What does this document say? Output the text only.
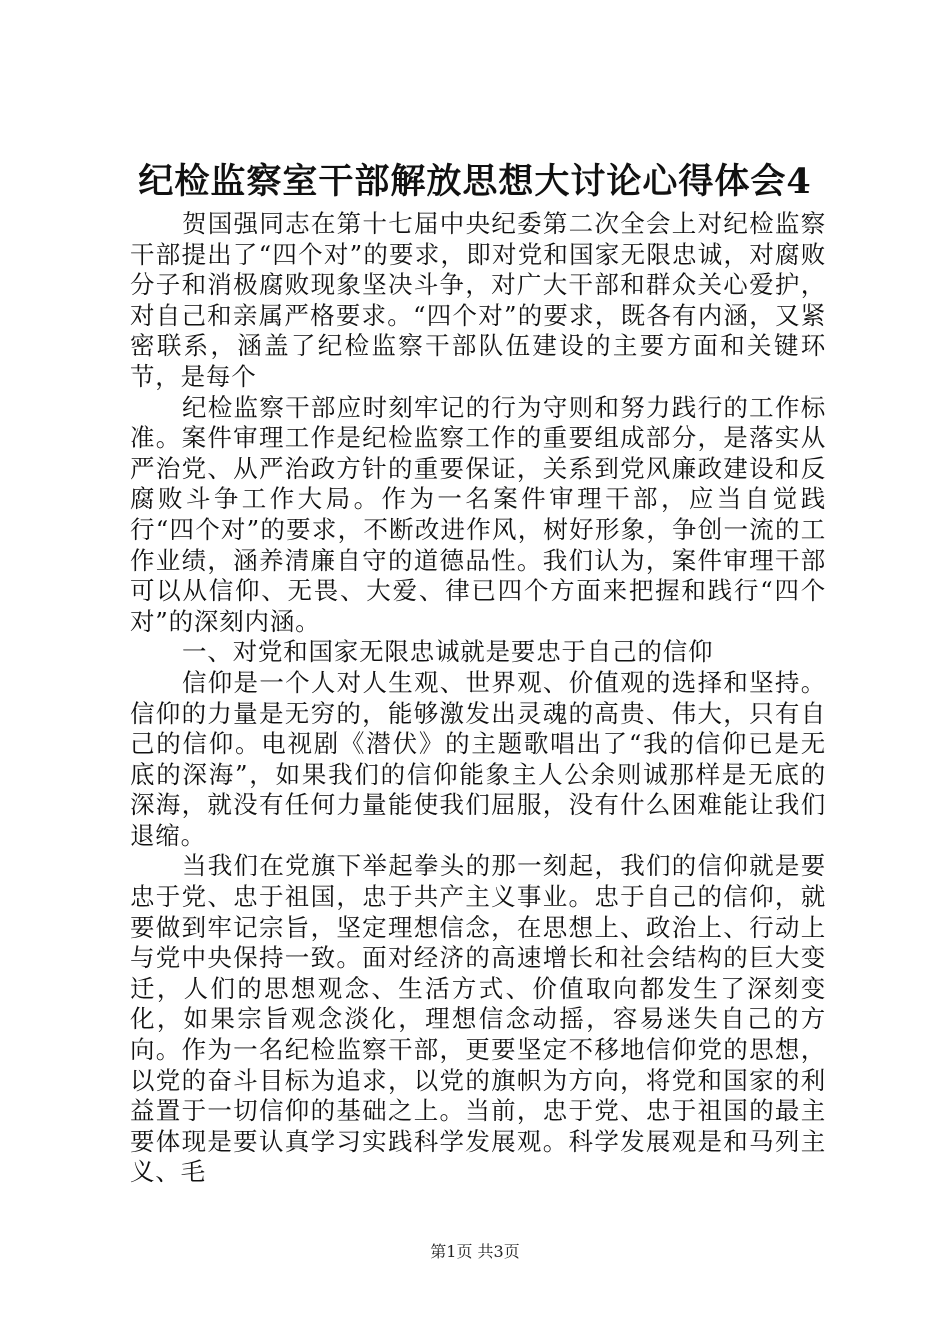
纪检监察室干部解放思想大讨论心得体会4

贺国强同志在第十七届中央纪委第二次全会上对纪检监察干部提出了“四个对”的要求，即对党和国家无限忠诚，对腐败分子和消极腐败现象坚决斗争，对广大干部和群众关心爱护，对自己和亲属严格要求。“四个对”的要求，既各有内涵，又紧密联系，涵盖了纪检监察干部队伍建设的主要方面和关键环节，是每个

纪检监察干部应时刻牢记的行为守则和努力践行的工作标准。案件审理工作是纪检监察工作的重要组成部分，是落实从严治党、从严治政方针的重要保证，关系到党风廉政建设和反腐败斗争工作大局。作为一名案件审理干部，应当自觉践行“四个对”的要求，不断改进作风，树好形象，争创一流的工作业绩，涵养清廉自守的道德品性。我们认为，案件审理干部可以从信仰、无畏、大爱、律已四个方面来把握和践行“四个对”的深刻内涵。

一、对党和国家无限忠诚就是要忠于自己的信仰

信仰是一个人对人生观、世界观、价值观的选择和坚持。信仰的力量是无穷的，能够激发出灵魂的高贵、伟大，只有自己的信仰。电视剧《潜伏》的主题歌唱出了“我的信仰已是无底的深海”，如果我们的信仰能象主人公余则诚那样是无底的深海，就没有任何力量能使我们屈服，没有什么困难能让我们退缩。

当我们在党旗下举起拳头的那一刻起，我们的信仰就是要忠于党、忠于祖国，忠于共产主义事业。忠于自己的信仰，就要做到牢记宗旨，坚定理想信念，在思想上、政治上、行动上与党中央保持一致。面对经济的高速增长和社会结构的巨大变迁，人们的思想观念、生活方式、价值取向都发生了深刻变化，如果宗旨观念淡化，理想信念动摇，容易迷失自己的方向。作为一名纪检监察干部，更要坚定不移地信仰党的思想，以党的奋斗目标为追求，以党的旗帜为方向，将党和国家的利益置于一切信仰的基础之上。当前，忠于党、忠于祖国的最主要体现是要认真学习实践科学发展观。科学发展观是和马列主义、毛

第1页 共3页
